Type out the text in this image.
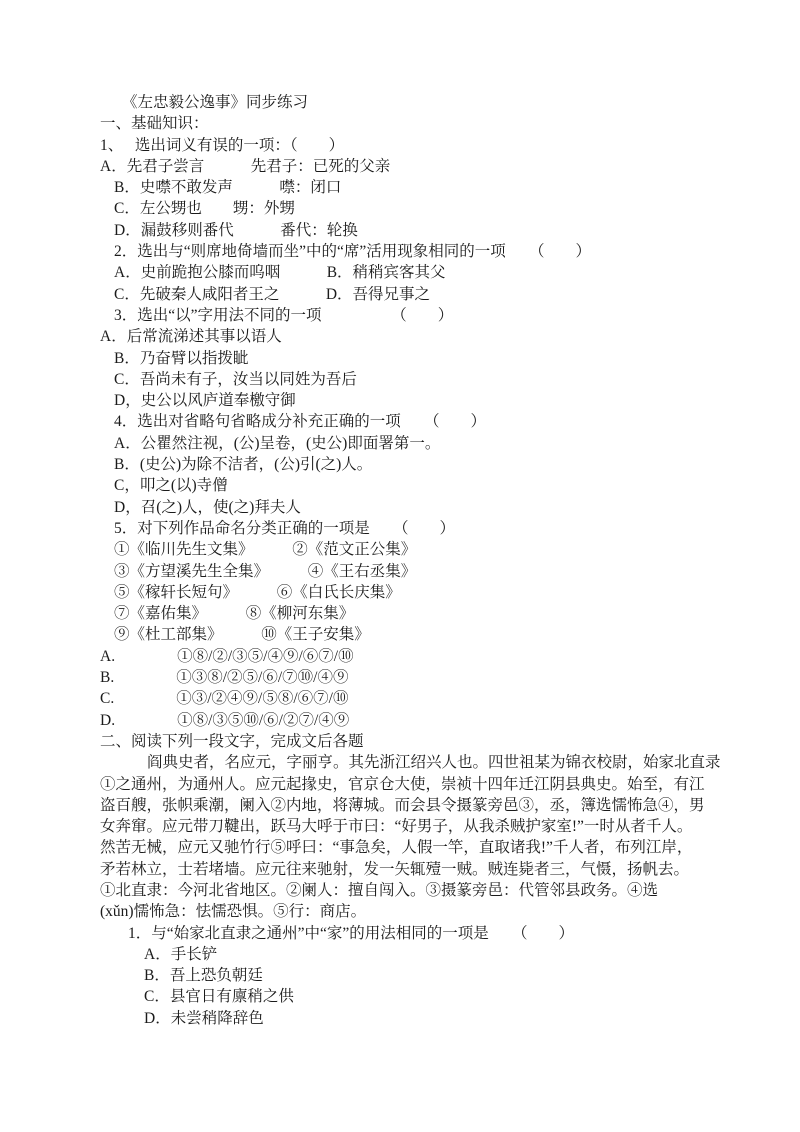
《左忠毅公逸事》同步练习
一、基础知识：
1、　 选出词义有误的一项：（　　）
A．先君子尝言　　　先君子：已死的父亲
B．史噤不敢发声　　　噤：闭口
C．左公甥也　　甥：外甥
D．漏鼓移则番代　　　番代：轮换
2．选出与“则席地倚墙而坐”中的“席”活用现象相同的一项　　（　　）
A．史前跪抱公膝而呜咽　　　B．稍稍宾客其父
C．先破秦人咸阳者王之　　　D．吾得兄事之
3．选出“以”字用法不同的一项　　　　　（　　）
A．后常流涕述其事以语人
B．乃奋臂以指拨眦
C．吾尚未有子，汝当以同姓为吾后
D，史公以风庐道奉檄守御
4．选出对省略句省略成分补充正确的一项　　（　　）
A．公瞿然注视，(公)呈卷，(史公)即面署第一。
B．(史公)为除不洁者，(公)引(之)人。
C，叩之(以)寺僧
D，召(之)人，使(之)拜夫人
5．对下列作品命名分类正确的一项是　　（　　）
①《临川先生文集》　　　②《范文正公集》
③《方望溪先生全集》　　　④《王右丞集》
⑤《稼轩长短句》　　　⑥《白氏长庆集》
⑦《嘉佑集》　　　⑧《柳河东集》
⑨《杜工部集》　　　⑩《王子安集》
A.　　　　①⑧/②/③⑤/④⑨/⑥⑦/⑩
B.　　　　①③⑧/②⑤/⑥/⑦⑩/④⑨
C.　　　　①③/②④⑨/⑤⑧/⑥⑦/⑩
D.　　　　①⑧/③⑤⑩/⑥/②⑦/④⑨
二、阅读下列一段文字，完成文后各题
阎典史者，名应元，字丽亨。其先浙江绍兴人也。四世祖某为锦衣校尉，始家北直录
①之通州，为通州人。应元起掾史，官京仓大使，崇祯十四年迁江阴县典史。始至，有江
盗百艘，张帜乘潮，阑入②内地，将薄城。而会县令摄篆旁邑③，丞，簿选懦怖急④，男
女奔窜。应元带刀鞬出，跃马大呼于市曰：“好男子，从我杀贼护家室!”一时从者千人。
然苦无械，应元又驰竹行⑤呼曰：“事急矣，人假一竿，直取诸我!”千人者，布列江岸，
矛若林立，士若堵墙。应元往来驰射，发一矢辄殪一贼。贼连毙者三，气慑，扬帆去。
①北直隶：今河北省地区。②阑人：擅自闯入。③摄篆旁邑：代管邻县政务。④选
(xǔn)懦怖急：怯懦恐惧。⑤行：商店。
1．与“始家北直隶之通州”中“家”的用法相同的一项是　　（　　）
A．手长铲
B．吾上恐负朝廷
C．县官日有廪稍之供
D．未尝稍降辞色
